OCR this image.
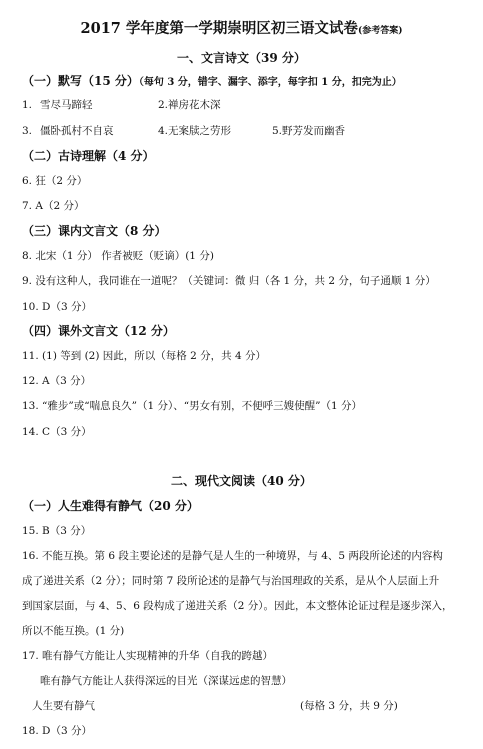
2017 学年度第一学期崇明区初三语文试卷(参考答案)
一、文言诗文（39 分）
（一）默写（15 分）（每句 3 分，错字、漏字、添字，每字扣 1 分，扣完为止）
1. 雪尽马蹄轻	2.禅房花木深
3. 僵卧孤村不自哀	4.无案牍之劳形	5.野芳发而幽香
（二）古诗理解（4 分）
6. 狂（2 分）
7. A（2 分）
（三）课内文言文（8 分）
8. 北宋（1 分） 作者被贬（贬谪）(1 分)
9. 没有这种人，我同谁在一道呢？（关键词：微 归（各 1 分，共 2 分，句子通顺 1 分）
10. D（3 分）
（四）课外文言文（12 分）
11. (1) 等到 (2) 因此，所以（每格 2 分，共 4 分）
12. A（3 分）
13. “雅步”或“喘息良久”（1 分）、“男女有别，不便呼三嫂使醒”（1 分）
14. C（3 分）
二、现代文阅读（40 分）
（一）人生难得有静气（20 分）
15. B（3 分）
16. 不能互换。第 6 段主要论述的是静气是人生的一种境界，与 4、5 两段所论述的内容构
成了递进关系（2 分）；同时第 7 段所论述的是静气与治国理政的关系，是从个人层面上升
到国家层面，与 4、5、6 段构成了递进关系（2 分）。因此，本文整体论证过程是逐步深入，
所以不能互换。(1 分)
17. 唯有静气方能让人实现精神的升华（自我的跨越）
唯有静气方能让人获得深远的目光（深谋远虑的智慧）
人生要有静气	(每格 3 分，共 9 分)
18. D（3 分）
